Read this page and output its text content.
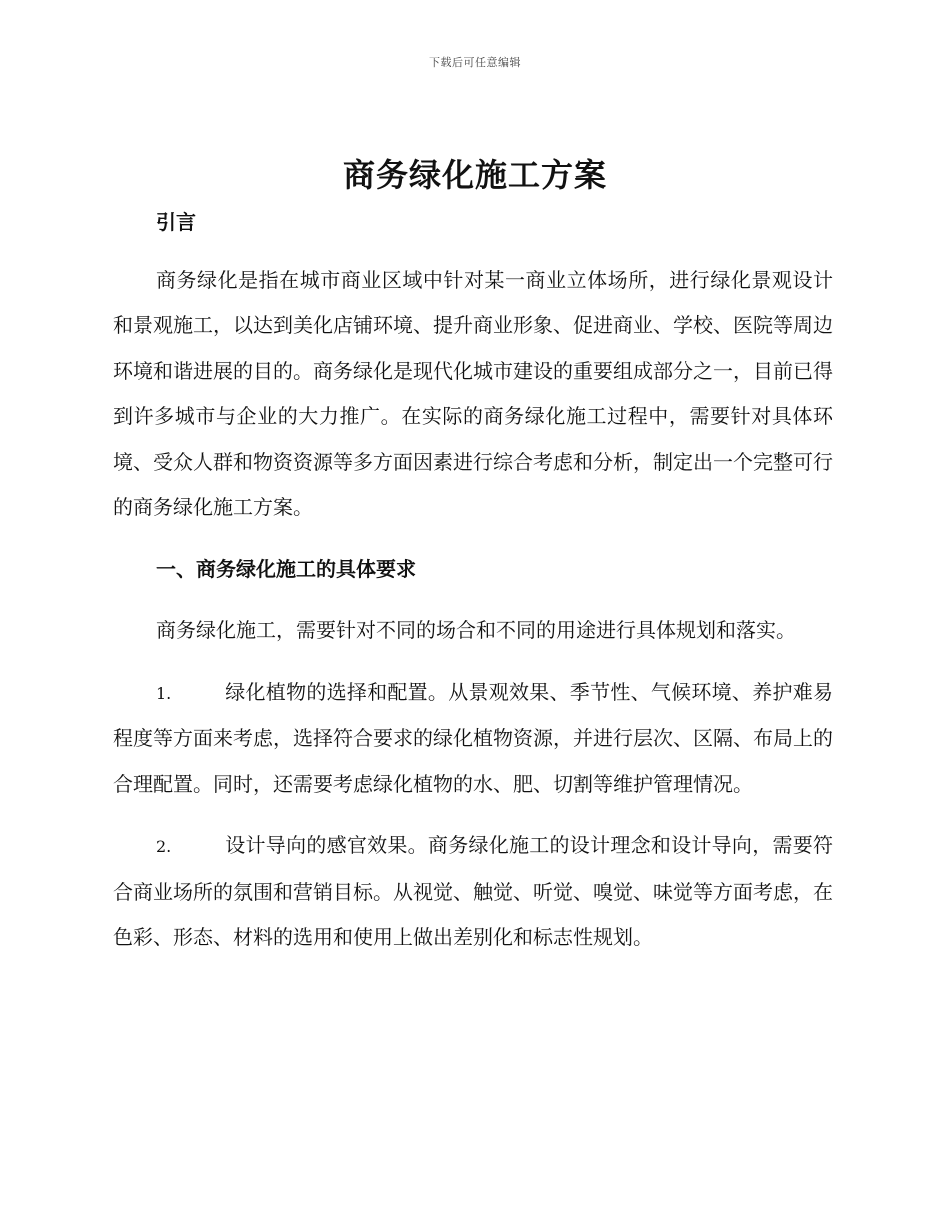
下载后可任意编辑
商务绿化施工方案

引言

商务绿化是指在城市商业区域中针对某一商业立体场所，进行绿化景观设计和景观施工，以达到美化店铺环境、提升商业形象、促进商业、学校、医院等周边环境和谐进展的目的。商务绿化是现代化城市建设的重要组成部分之一，目前已得到许多城市与企业的大力推广。在实际的商务绿化施工过程中，需要针对具体环境、受众人群和物资资源等多方面因素进行综合考虑和分析，制定出一个完整可行的商务绿化施工方案。

一、商务绿化施工的具体要求

商务绿化施工，需要针对不同的场合和不同的用途进行具体规划和落实。

1.	绿化植物的选择和配置。从景观效果、季节性、气候环境、养护难易程度等方面来考虑，选择符合要求的绿化植物资源，并进行层次、区隔、布局上的合理配置。同时，还需要考虑绿化植物的水、肥、切割等维护管理情况。

2.	设计导向的感官效果。商务绿化施工的设计理念和设计导向，需要符合商业场所的氛围和营销目标。从视觉、触觉、听觉、嗅觉、味觉等方面考虑，在色彩、形态、材料的选用和使用上做出差别化和标志性规划。
